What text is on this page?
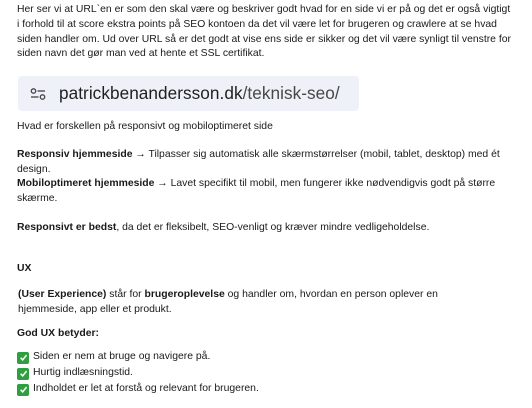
Her ser vi at URL`en er som den skal være og beskriver godt hvad for en side vi er på og det er også vigtigt i forhold til at score ekstra points på SEO kontoen da det vil være let for brugeren og crawlere at se hvad siden handler om. Ud over URL så er det godt at vise ens side er sikker og det vil være synligt til venstre for siden navn det gør man ved at hente et SSL certifikat.

patrickbenandersson.dk/teknisk-seo/

Hvad er forskellen på responsivt og mobiloptimeret side

Responsiv hjemmeside → Tilpasser sig automatisk alle skærmstørrelser (mobil, tablet, desktop) med ét design.

Mobiloptimeret hjemmeside → Lavet specifikt til mobil, men fungerer ikke nødvendigvis godt på større skærme.

Responsivt er bedst, da det er fleksibelt, SEO-venligt og kræver mindre vedligeholdelse.

UX

(User Experience) står for brugeroplevelse og handler om, hvordan en person oplever en hjemmeside, app eller et produkt.

God UX betyder:

Siden er nem at bruge og navigere på.
Hurtig indlæsningstid.
Indholdet er let at forstå og relevant for brugeren.
